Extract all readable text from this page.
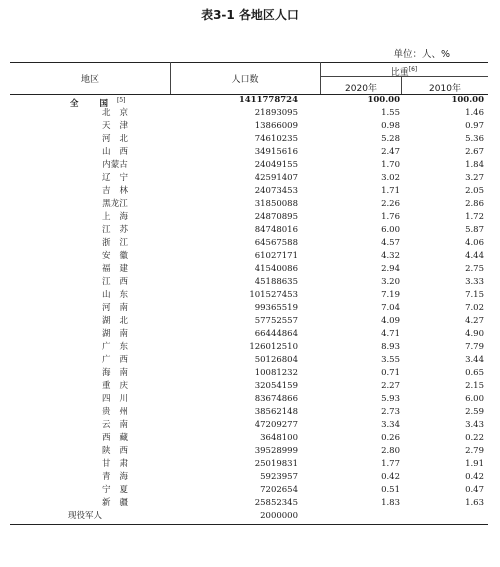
表3-1 各地区人口
单位：人、%
地区	人口数
比重[6]
2020年	2010年
全 国[5]	1411778724	100.00	100.00
北京	21893095	1.55	1.46
天津	13866009	0.98	0.97
河北	74610235	5.28	5.36
山西	34915616	2.47	2.67
内蒙古	24049155	1.70	1.84
辽宁	42591407	3.02	3.27
吉林	24073453	1.71	2.05
黑龙江	31850088	2.26	2.86
上海	24870895	1.76	1.72
江苏	84748016	6.00	5.87
浙江	64567588	4.57	4.06
安徽	61027171	4.32	4.44
福建	41540086	2.94	2.75
江西	45188635	3.20	3.33
山东	101527453	7.19	7.15
河南	99365519	7.04	7.02
湖北	57752557	4.09	4.27
湖南	66444864	4.71	4.90
广东	126012510	8.93	7.79
广西	50126804	3.55	3.44
海南	10081232	0.71	0.65
重庆	32054159	2.27	2.15
四川	83674866	5.93	6.00
贵州	38562148	2.73	2.59
云南	47209277	3.34	3.43
西藏	3648100	0.26	0.22
陕西	39528999	2.80	2.79
甘肃	25019831	1.77	1.91
青海	5923957	0.42	0.42
宁夏	7202654	0.51	0.47
新疆	25852345	1.83	1.63
现役军人	2000000
